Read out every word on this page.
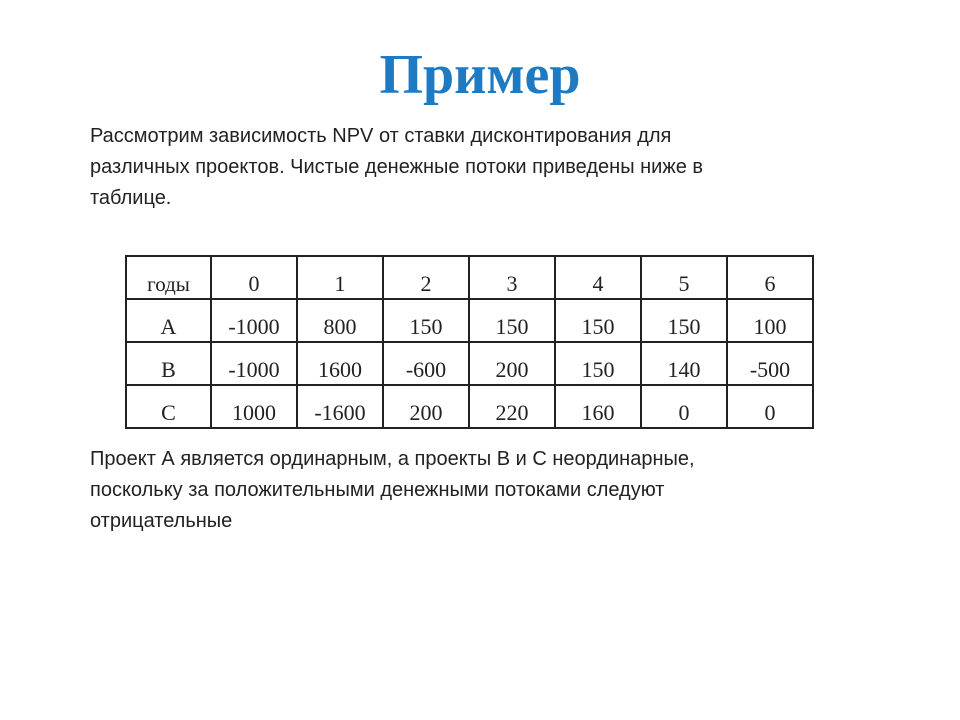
Пример
Рассмотрим зависимость NPV от ставки дисконтирования для
различных проектов. Чистые денежные потоки приведены ниже в
таблице.
годы	0	1	2	3	4	5	6
А	-1000	800	150	150	150	150	100
В	-1000	1600	-600	200	150	140	-500
С	1000	-1600	200	220	160	0	0
Проект А является ординарным, а проекты В и С неординарные,
поскольку за положительными денежными потоками следуют
отрицательные
